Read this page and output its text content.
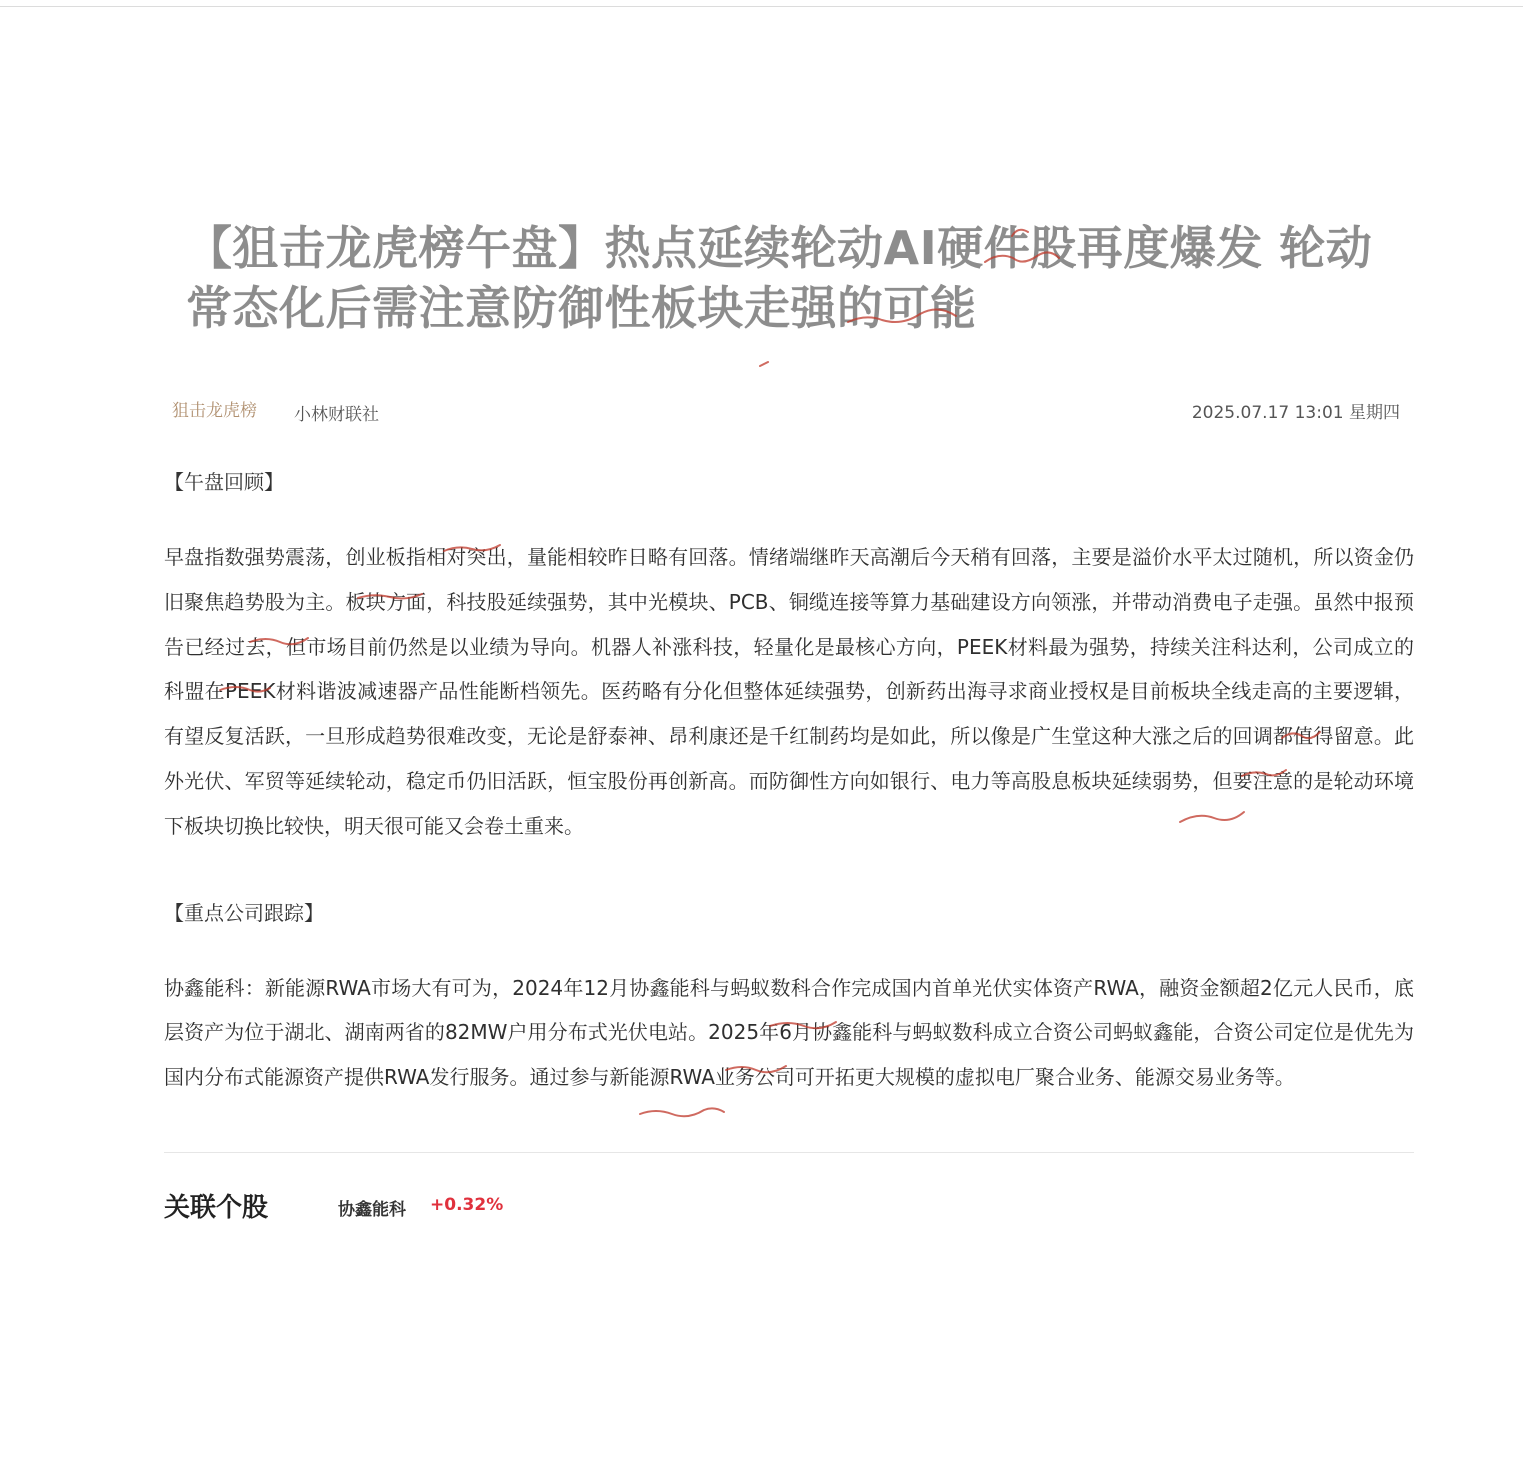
【狙击龙虎榜午盘】热点延续轮动AI硬件股再度爆发 轮动常态化后需注意防御性板块走强的可能
狙击龙虎榜 小林财联社	2025.07.17 13:01 星期四
【午盘回顾】

早盘指数强势震荡，创业板指相对突出，量能相较昨日略有回落。情绪端继昨天高潮后今天稍有回落，主要是溢价水平太过随机，所以资金仍旧聚焦趋势股为主。板块方面，科技股延续强势，其中光模块、PCB、铜缆连接等算力基础建设方向领涨，并带动消费电子走强。虽然中报预告已经过去，但市场目前仍然是以业绩为导向。机器人补涨科技，轻量化是最核心方向，PEEK材料最为强势，持续关注科达利，公司成立的科盟在PEEK材料谐波减速器产品性能断档领先。医药略有分化但整体延续强势，创新药出海寻求商业授权是目前板块全线走高的主要逻辑，有望反复活跃，一旦形成趋势很难改变，无论是舒泰神、昂利康还是千红制药均是如此，所以像是广生堂这种大涨之后的回调都值得留意。此外光伏、军贸等延续轮动，稳定币仍旧活跃，恒宝股份再创新高。而防御性方向如银行、电力等高股息板块延续弱势，但要注意的是轮动环境下板块切换比较快，明天很可能又会卷土重来。

【重点公司跟踪】

协鑫能科：新能源RWA市场大有可为，2024年12月协鑫能科与蚂蚁数科合作完成国内首单光伏实体资产RWA，融资金额超2亿元人民币，底层资产为位于湖北、湖南两省的82MW户用分布式光伏电站。2025年6月协鑫能科与蚂蚁数科成立合资公司蚂蚁鑫能，合资公司定位是优先为国内分布式能源资产提供RWA发行服务。通过参与新能源RWA业务公司可开拓更大规模的虚拟电厂聚合业务、能源交易业务等。

关联个股	协鑫能科 +0.32%
